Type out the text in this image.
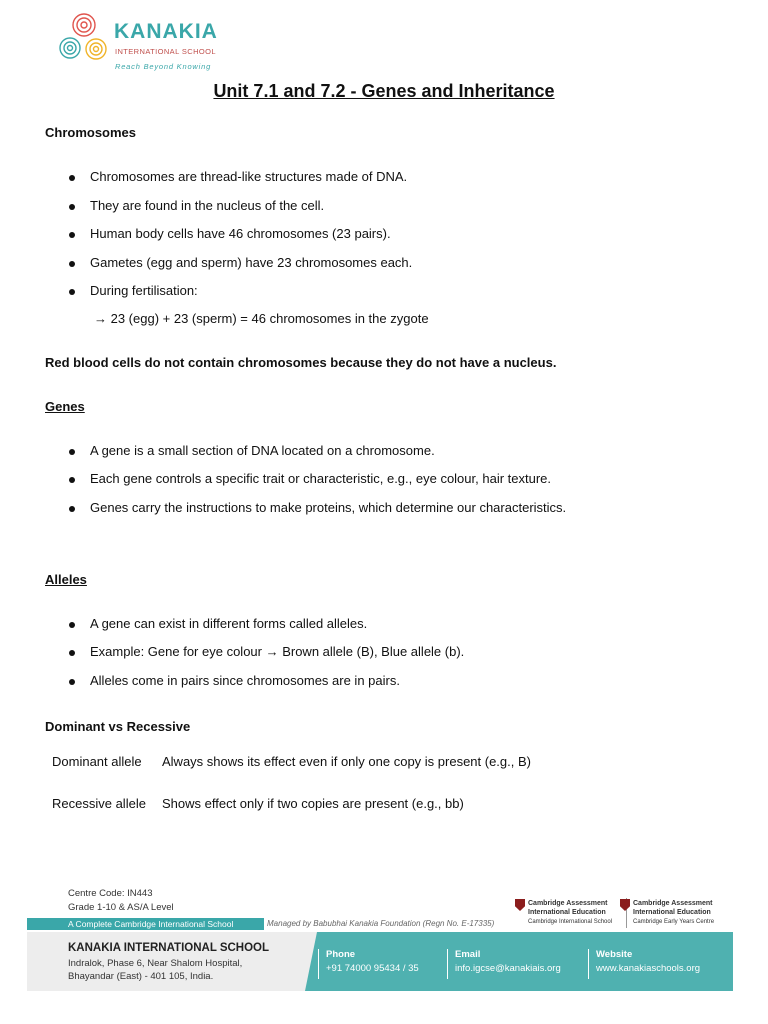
KANAKIA
INTERNATIONAL SCHOOL
Reach Beyond Knowing
Unit 7.1 and 7.2 - Genes and Inheritance
Chromosomes
Chromosomes are thread-like structures made of DNA.
They are found in the nucleus of the cell.
Human body cells have 46 chromosomes (23 pairs).
Gametes (egg and sperm) have 23 chromosomes each.
During fertilisation:
→ 23 (egg) + 23 (sperm) = 46 chromosomes in the zygote
Red blood cells do not contain chromosomes because they do not have a nucleus.
Genes
A gene is a small section of DNA located on a chromosome.
Each gene controls a specific trait or characteristic, e.g., eye colour, hair texture.
Genes carry the instructions to make proteins, which determine our characteristics.
Alleles
A gene can exist in different forms called alleles.
Example: Gene for eye colour → Brown allele (B), Blue allele (b).
Alleles come in pairs since chromosomes are in pairs.
Dominant vs Recessive
Dominant allele Always shows its effect even if only one copy is present (e.g., B)
Recessive allele Shows effect only if two copies are present (e.g., bb)
Centre Code: IN443
Grade 1-10 & AS/A Level
A Complete Cambridge International School	Managed by Babubhai Kanakia Foundation (Regn No. E-17335)
Cambridge Assessment
International Education
Cambridge International School
Cambridge Assessment
International Education
Cambridge Early Years Centre
KANAKIA INTERNATIONAL SCHOOL
Indralok, Phase 6, Near Shalom Hospital,
Bhayandar (East) - 401 105, India.
Phone
+91 74000 95434 / 35
Email
info.igcse@kanakiais.org
Website
www.kanakiaschools.org
